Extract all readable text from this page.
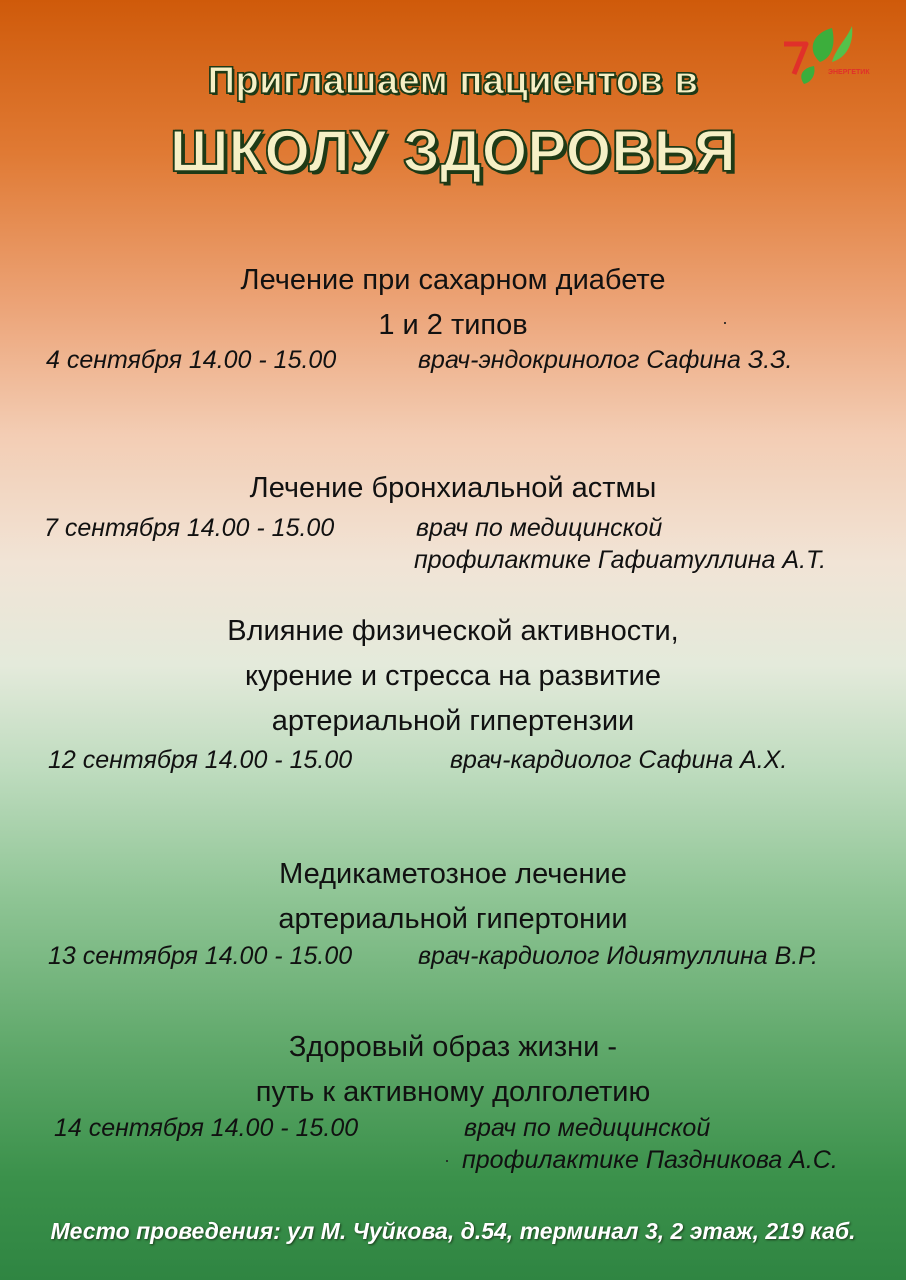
ЭНЕРГЕТИК
Приглашаем пациентов в
ШКОЛУ ЗДОРОВЬЯ
Лечение при сахарном диабете
1 и 2 типов	·
4 сентября 14.00 - 15.00	врач-эндокринолог Сафина З.З.
Лечение бронхиальной астмы
7 сентября 14.00 - 15.00	врач по медицинской
профилактике Гафиатуллина А.Т.
Влияние физической активности,
курение и стресса на развитие
артериальной гипертензии
12 сентября 14.00 - 15.00	врач-кардиолог Сафина А.Х.
Медикаметозное лечение
артериальной гипертонии
13 сентября 14.00 - 15.00	врач-кардиолог Идиятуллина В.Р.
Здоровый образ жизни -
путь к активному долголетию
14 сентября 14.00 - 15.00	врач по медицинской
· профилактике Паздникова А.С.
Место проведения: ул М. Чуйкова, д.54, терминал 3, 2 этаж, 219 каб.
